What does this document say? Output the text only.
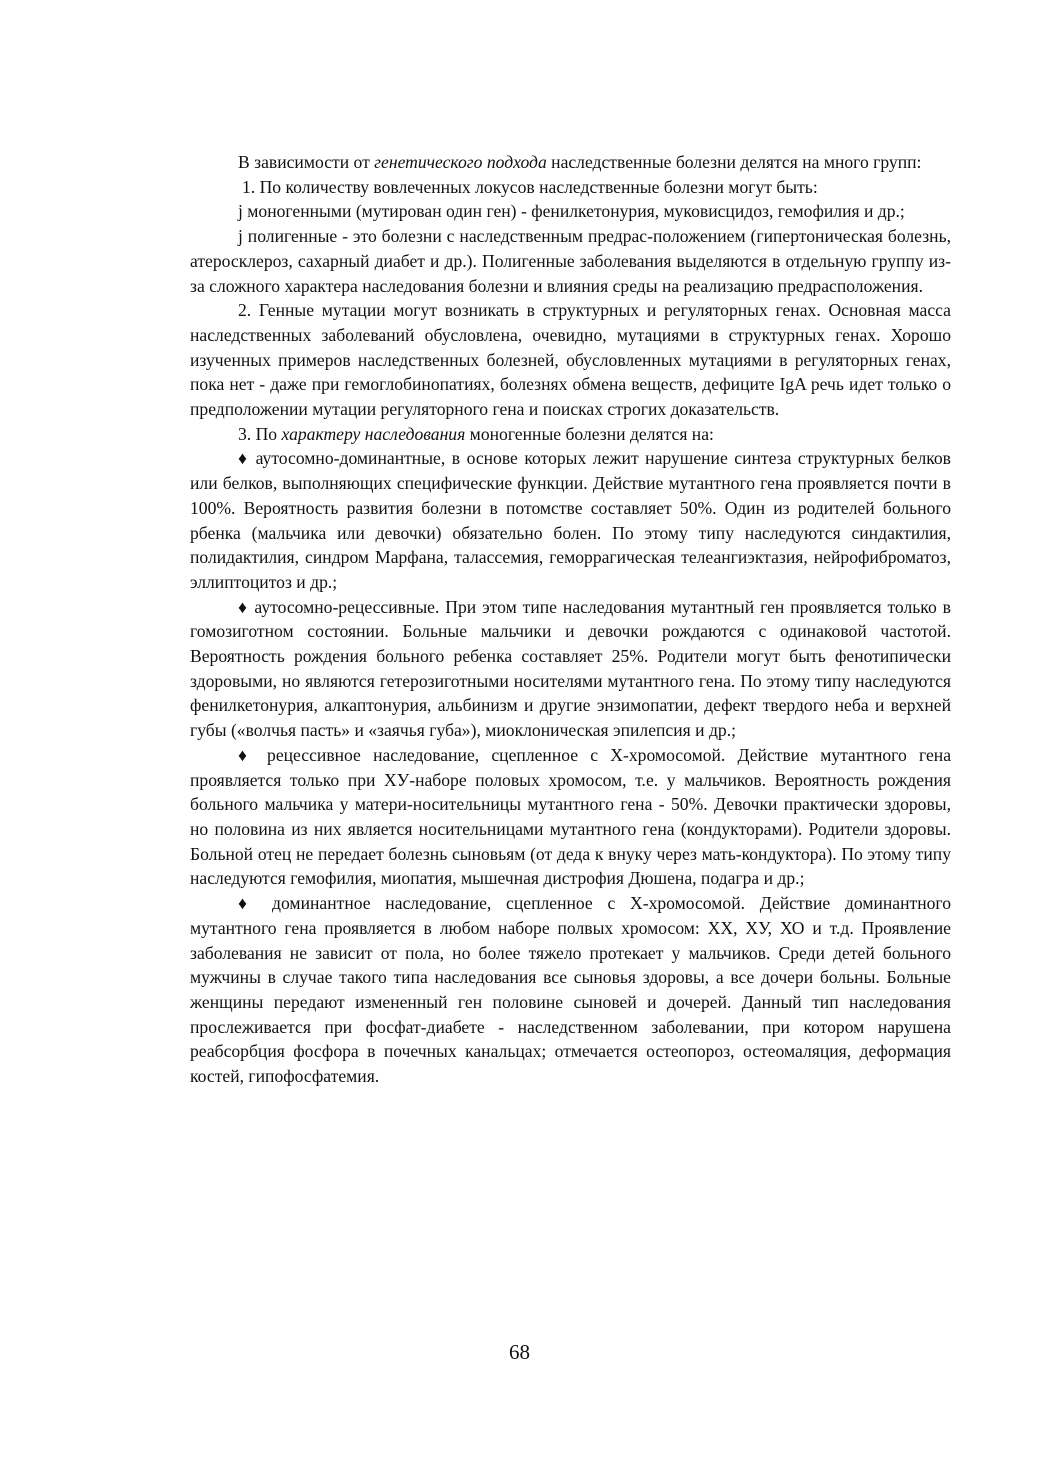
В зависимости от генетического подхода наследственные болезни делятся на много групп:

1. По количеству вовлеченных локусов наследственные болезни могут быть:

j моногенными (мутирован один ген) - фенилкетонурия, муковисцидоз, гемофилия и др.;

j полигенные - это болезни с наследственным предрас-положением (гипертоническая болезнь, атеросклероз, сахарный диабет и др.). Полигенные заболевания выделяются в отдельную группу из-за сложного характера наследования болезни и влияния среды на реализацию предрасположения.

2. Генные мутации могут возникать в структурных и регуляторных генах. Основная масса наследственных заболеваний обусловлена, очевидно, мутациями в структурных генах. Хорошо изученных примеров наследственных болезней, обусловленных мутациями в регуляторных генах, пока нет - даже при гемоглобинопатиях, болезнях обмена веществ, дефиците IgA речь идет только о предположении мутации регуляторного гена и поисках строгих доказательств.

3. По характеру наследования моногенные болезни делятся на:

♦ аутосомно-доминантные, в основе которых лежит нарушение синтеза структурных белков или белков, выполняющих специфические функции. Действие мутантного гена проявляется почти в 100%. Вероятность развития болезни в потомстве составляет 50%. Один из родителей больного рбенка (мальчика или девочки) обязательно болен. По этому типу наследуются синдактилия, полидактилия, синдром Марфана, талассемия, геморрагическая телеангиэктазия, нейрофиброматоз, эллиптоцитоз и др.;

♦ аутосомно-рецессивные. При этом типе наследования мутантный ген проявляется только в гомозиготном состоянии. Больные мальчики и девочки рождаются с одинаковой частотой. Вероятность рождения больного ребенка составляет 25%. Родители могут быть фенотипически здоровыми, но являются гетерозиготными носителями мутантного гена. По этому типу наследуются фенилкетонурия, алкаптонурия, альбинизм и другие энзимопатии, дефект твердого неба и верхней губы («волчья пасть» и «заячья губа»), миоклоническая эпилепсия и др.;

♦ рецессивное наследование, сцепленное с Х-хромосомой. Действие мутантного гена проявляется только при ХУ-наборе половых хромосом, т.е. у мальчиков. Вероятность рождения больного мальчика у матери-носительницы мутантного гена - 50%. Девочки практически здоровы, но половина из них является носительницами мутантного гена (кондукторами). Родители здоровы. Больной отец не передает болезнь сыновьям (от деда к внуку через мать-кондуктора). По этому типу наследуются гемофилия, миопатия, мышечная дистрофия Дюшена, подагра и др.;

♦ доминантное наследование, сцепленное с Х-хромосомой. Действие доминантного мутантного гена проявляется в любом наборе полвых хромосом: ХХ, ХУ, ХО и т.д. Проявление заболевания не зависит от пола, но более тяжело протекает у мальчиков. Среди детей больного мужчины в случае такого типа наследования все сыновья здоровы, а все дочери больны. Больные женщины передают измененный ген половине сыновей и дочерей. Данный тип наследования прослеживается при фосфат-диабете - наследственном заболевании, при котором нарушена реабсорбция фосфора в почечных канальцах; отмечается остеопороз, остеомаляция, деформация костей, гипофосфатемия.

68
